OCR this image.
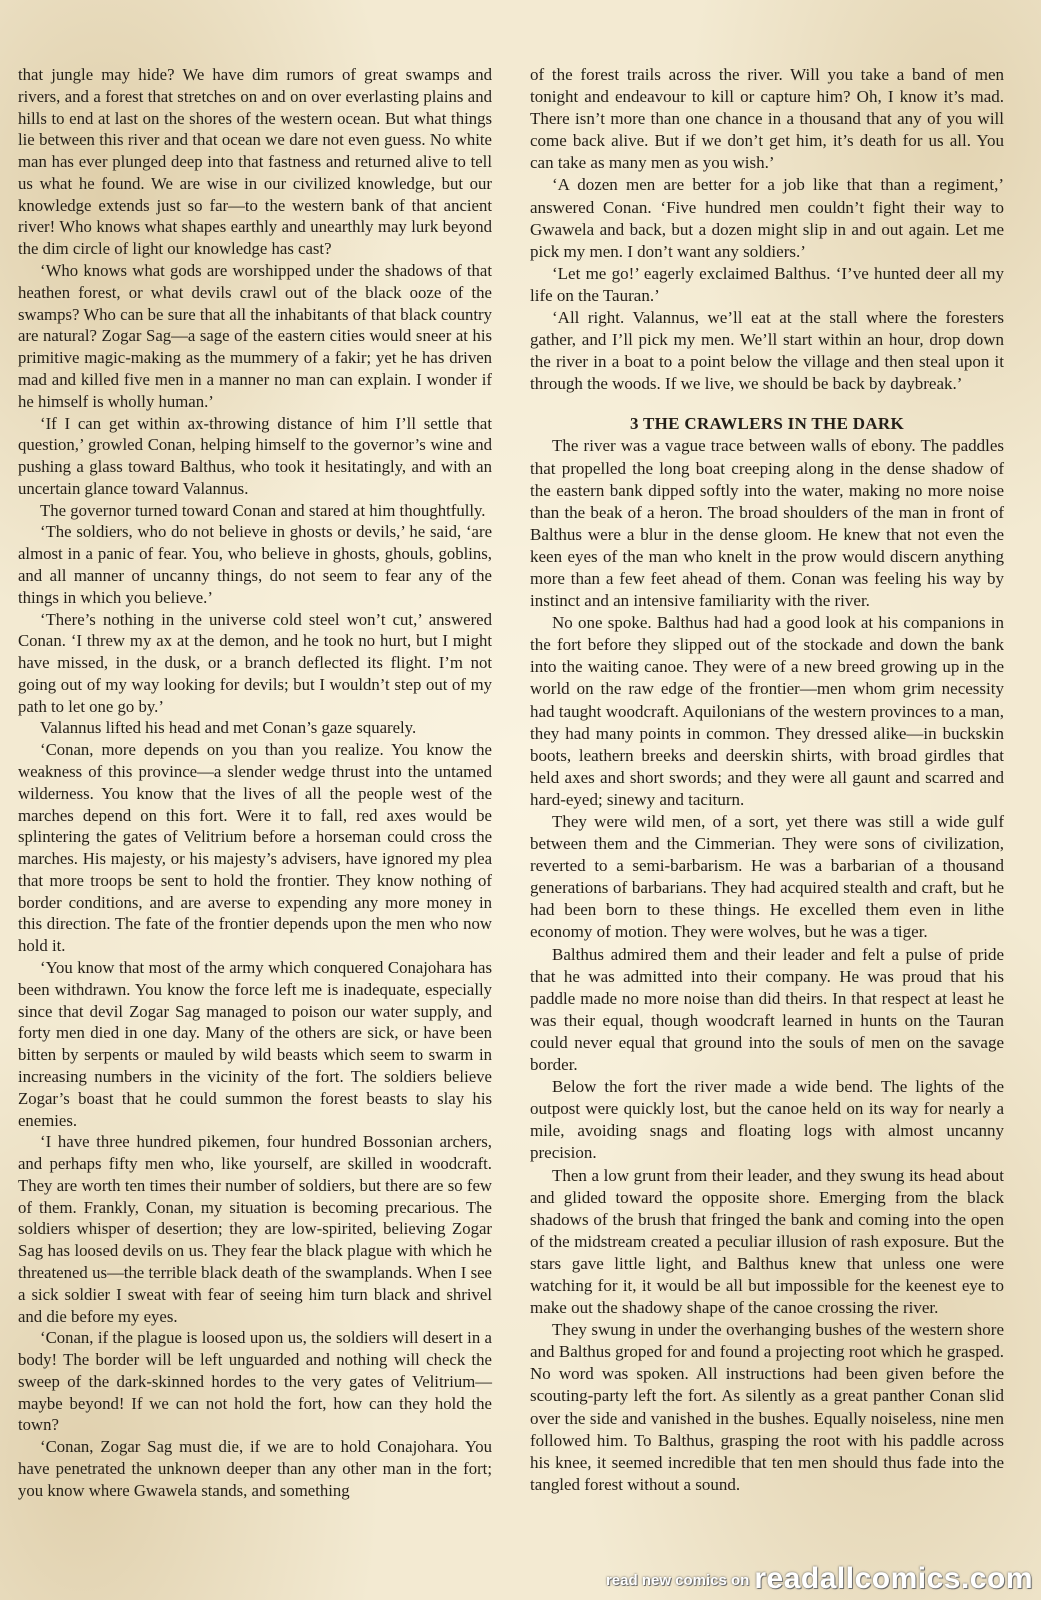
that jungle may hide? We have dim rumors of great swamps and rivers, and a forest that stretches on and on over everlasting plains and hills to end at last on the shores of the western ocean. But what things lie between this river and that ocean we dare not even guess. No white man has ever plunged deep into that fastness and returned alive to tell us what he found. We are wise in our civilized knowledge, but our knowledge extends just so far—to the western bank of that ancient river! Who knows what shapes earthly and unearthly may lurk beyond the dim circle of light our knowledge has cast?

‘Who knows what gods are worshipped under the shadows of that heathen forest, or what devils crawl out of the black ooze of the swamps? Who can be sure that all the inhabitants of that black country are natural? Zogar Sag—a sage of the eastern cities would sneer at his primitive magic-making as the mummery of a fakir; yet he has driven mad and killed five men in a manner no man can explain. I wonder if he himself is wholly human.’

‘If I can get within ax-throwing distance of him I’ll settle that question,’ growled Conan, helping himself to the governor’s wine and pushing a glass toward Balthus, who took it hesitatingly, and with an uncertain glance toward Valannus.

The governor turned toward Conan and stared at him thoughtfully.

‘The soldiers, who do not believe in ghosts or devils,’ he said, ‘are almost in a panic of fear. You, who believe in ghosts, ghouls, goblins, and all manner of uncanny things, do not seem to fear any of the things in which you believe.’

‘There’s nothing in the universe cold steel won’t cut,’ answered Conan. ‘I threw my ax at the demon, and he took no hurt, but I might have missed, in the dusk, or a branch deflected its flight. I’m not going out of my way looking for devils; but I wouldn’t step out of my path to let one go by.’

Valannus lifted his head and met Conan’s gaze squarely.

‘Conan, more depends on you than you realize. You know the weakness of this province—a slender wedge thrust into the untamed wilderness. You know that the lives of all the people west of the marches depend on this fort. Were it to fall, red axes would be splintering the gates of Velitrium before a horseman could cross the marches. His majesty, or his majesty’s advisers, have ignored my plea that more troops be sent to hold the frontier. They know nothing of border conditions, and are averse to expending any more money in this direction. The fate of the frontier depends upon the men who now hold it.

‘You know that most of the army which conquered Conajohara has been withdrawn. You know the force left me is inadequate, especially since that devil Zogar Sag managed to poison our water supply, and forty men died in one day. Many of the others are sick, or have been bitten by serpents or mauled by wild beasts which seem to swarm in increasing numbers in the vicinity of the fort. The soldiers believe Zogar’s boast that he could summon the forest beasts to slay his enemies.

‘I have three hundred pikemen, four hundred Bossonian archers, and perhaps fifty men who, like yourself, are skilled in woodcraft. They are worth ten times their number of soldiers, but there are so few of them. Frankly, Conan, my situation is becoming precarious. The soldiers whisper of desertion; they are low-spirited, believing Zogar Sag has loosed devils on us. They fear the black plague with which he threatened us—the terrible black death of the swamplands. When I see a sick soldier I sweat with fear of seeing him turn black and shrivel and die before my eyes.

‘Conan, if the plague is loosed upon us, the soldiers will desert in a body! The border will be left unguarded and nothing will check the sweep of the dark-skinned hordes to the very gates of Velitrium—maybe beyond! If we can not hold the fort, how can they hold the town?

‘Conan, Zogar Sag must die, if we are to hold Conajohara. You have penetrated the unknown deeper than any other man in the fort; you know where Gwawela stands, and something

of the forest trails across the river. Will you take a band of men tonight and endeavour to kill or capture him? Oh, I know it’s mad. There isn’t more than one chance in a thousand that any of you will come back alive. But if we don’t get him, it’s death for us all. You can take as many men as you wish.’

‘A dozen men are better for a job like that than a regiment,’ answered Conan. ‘Five hundred men couldn’t fight their way to Gwawela and back, but a dozen might slip in and out again. Let me pick my men. I don’t want any soldiers.’

‘Let me go!’ eagerly exclaimed Balthus. ‘I’ve hunted deer all my life on the Tauran.’

‘All right. Valannus, we’ll eat at the stall where the foresters gather, and I’ll pick my men. We’ll start within an hour, drop down the river in a boat to a point below the village and then steal upon it through the woods. If we live, we should be back by daybreak.’

3 THE CRAWLERS IN THE DARK

The river was a vague trace between walls of ebony. The paddles that propelled the long boat creeping along in the dense shadow of the eastern bank dipped softly into the water, making no more noise than the beak of a heron. The broad shoulders of the man in front of Balthus were a blur in the dense gloom. He knew that not even the keen eyes of the man who knelt in the prow would discern anything more than a few feet ahead of them. Conan was feeling his way by instinct and an intensive familiarity with the river.

No one spoke. Balthus had had a good look at his companions in the fort before they slipped out of the stockade and down the bank into the waiting canoe. They were of a new breed growing up in the world on the raw edge of the frontier—men whom grim necessity had taught woodcraft. Aquilonians of the western provinces to a man, they had many points in common. They dressed alike—in buckskin boots, leathern breeks and deerskin shirts, with broad girdles that held axes and short swords; and they were all gaunt and scarred and hard-eyed; sinewy and taciturn.

They were wild men, of a sort, yet there was still a wide gulf between them and the Cimmerian. They were sons of civilization, reverted to a semi-barbarism. He was a barbarian of a thousand generations of barbarians. They had acquired stealth and craft, but he had been born to these things. He excelled them even in lithe economy of motion. They were wolves, but he was a tiger.

Balthus admired them and their leader and felt a pulse of pride that he was admitted into their company. He was proud that his paddle made no more noise than did theirs. In that respect at least he was their equal, though woodcraft learned in hunts on the Tauran could never equal that ground into the souls of men on the savage border.

Below the fort the river made a wide bend. The lights of the outpost were quickly lost, but the canoe held on its way for nearly a mile, avoiding snags and floating logs with almost uncanny precision.

Then a low grunt from their leader, and they swung its head about and glided toward the opposite shore. Emerging from the black shadows of the brush that fringed the bank and coming into the open of the midstream created a peculiar illusion of rash exposure. But the stars gave little light, and Balthus knew that unless one were watching for it, it would be all but impossible for the keenest eye to make out the shadowy shape of the canoe crossing the river.

They swung in under the overhanging bushes of the western shore and Balthus groped for and found a projecting root which he grasped. No word was spoken. All instructions had been given before the scouting-party left the fort. As silently as a great panther Conan slid over the side and vanished in the bushes. Equally noiseless, nine men followed him. To Balthus, grasping the root with his paddle across his knee, it seemed incredible that ten men should thus fade into the tangled forest without a sound.

read new comics on readallcomics.com
